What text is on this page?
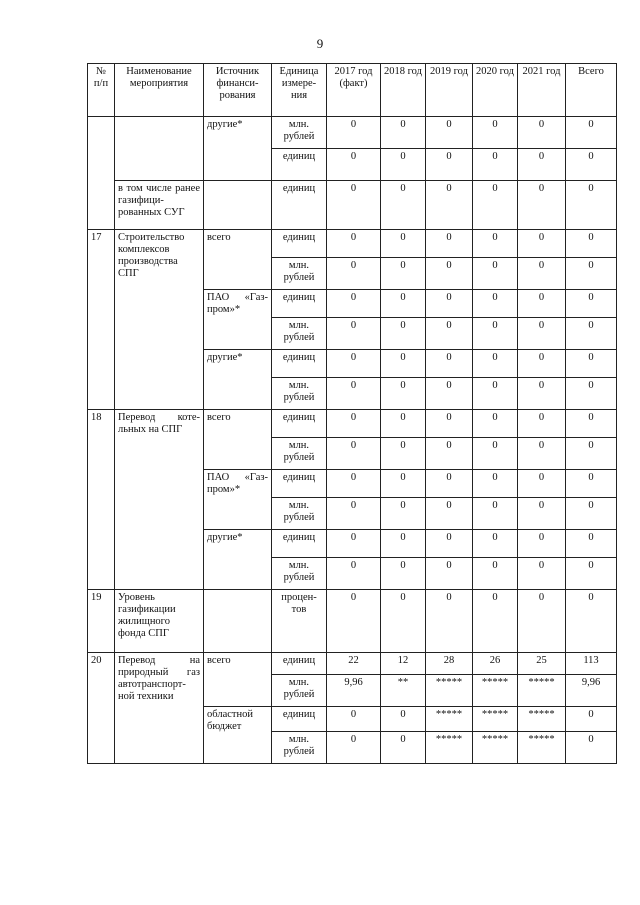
9
№ п/п	Наименование мероприятия	Источник финанси-рования	Единица измере-ния	2017 год (факт)	2018 год	2019 год	2020 год	2021 год	Всего
		другие*	млн. рублей	0	0	0	0	0	0
			единиц	0	0	0	0	0	0
	в том числе ранее газифици-рованных СУГ		единиц	0	0	0	0	0	0
17	Строительство комплексов производства СПГ	всего	единиц	0	0	0	0	0	0
			млн. рублей	0	0	0	0	0	0
		ПАО «Газ-пром»*	единиц	0	0	0	0	0	0
			млн. рублей	0	0	0	0	0	0
		другие*	единиц	0	0	0	0	0	0
			млн. рублей	0	0	0	0	0	0
18	Перевод коте-льных на СПГ	всего	единиц	0	0	0	0	0	0
			млн. рублей	0	0	0	0	0	0
		ПАО «Газ-пром»*	единиц	0	0	0	0	0	0
			млн. рублей	0	0	0	0	0	0
		другие*	единиц	0	0	0	0	0	0
			млн. рублей	0	0	0	0	0	0
19	Уровень газификации жилищного фонда СПГ		процен-тов	0	0	0	0	0	0
20	Перевод на природный газ автотранспорт-ной техники	всего	единиц	22	12	28	26	25	113
			млн. рублей	9,96	**	*****	*****	*****	9,96
		областной бюджет	единиц	0	0	*****	*****	*****	0
			млн. рублей	0	0	*****	*****	*****	0
